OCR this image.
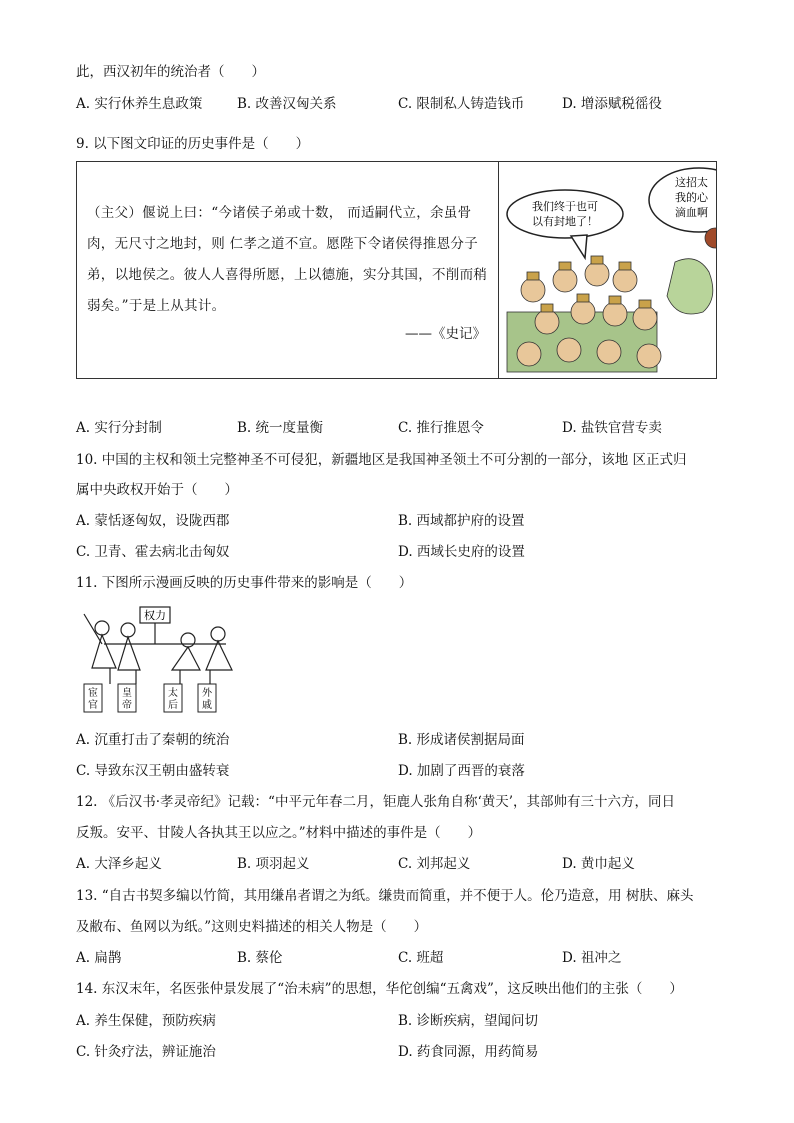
此，西汉初年的统治者（　　）
A. 实行休养生息政策	B. 改善汉匈关系	C. 限制私人铸造钱币	D. 增添赋税徭役
9. 以下图文印证的历史事件是（　　）
（主父）偃说上曰：“今诸侯子弟或十数， 而适嗣代立，余虽骨肉，无尺寸之地封，则 仁孝之道不宣。愿陛下令诸侯得推恩分子弟，以地侯之。彼人人喜得所愿，上以德施，实分其国，不削而稍弱矣。”于是上从其计。
——《史记》
我们终于也可
以有封地了！
这招太
我的心
滴血啊
A. 实行分封制	B. 统一度量衡	C. 推行推恩令	D. 盐铁官营专卖
10. 中国的主权和领土完整神圣不可侵犯，新疆地区是我国神圣领土不可分割的一部分，该地 区正式归
属中央政权开始于（　　）
A. 蒙恬逐匈奴，设陇西郡	B. 西域都护府的设置
C. 卫青、霍去病北击匈奴	D. 西域长史府的设置
11. 下图所示漫画反映的历史事件带来的影响是（　　）
权力
宦
官
皇
帝
太
后
外
戚
A. 沉重打击了秦朝的统治	B. 形成诸侯割据局面
C. 导致东汉王朝由盛转衰	D. 加剧了西晋的衰落
12. 《后汉书·孝灵帝纪》记载：“中平元年春二月，钜鹿人张角自称‘黄天’，其部帅有三十六方，同日
反叛。安平、甘陵人各执其王以应之。”材料中描述的事件是（　　）
A. 大泽乡起义	B. 项羽起义	C. 刘邦起义	D. 黄巾起义
13. “自古书契多编以竹简，其用缣帛者谓之为纸。缣贵而简重，并不便于人。伦乃造意，用 树肤、麻头
及敝布、鱼网以为纸。”这则史料描述的相关人物是（　　）
A. 扁鹊	B. 蔡伦	C. 班超	D. 祖冲之
14. 东汉末年，名医张仲景发展了“治未病”的思想，华佗创编“五禽戏”，这反映出他们的主张（　　）
A. 养生保健，预防疾病	B. 诊断疾病，望闻问切
C. 针灸疗法，辨证施治	D. 药食同源，用药简易
